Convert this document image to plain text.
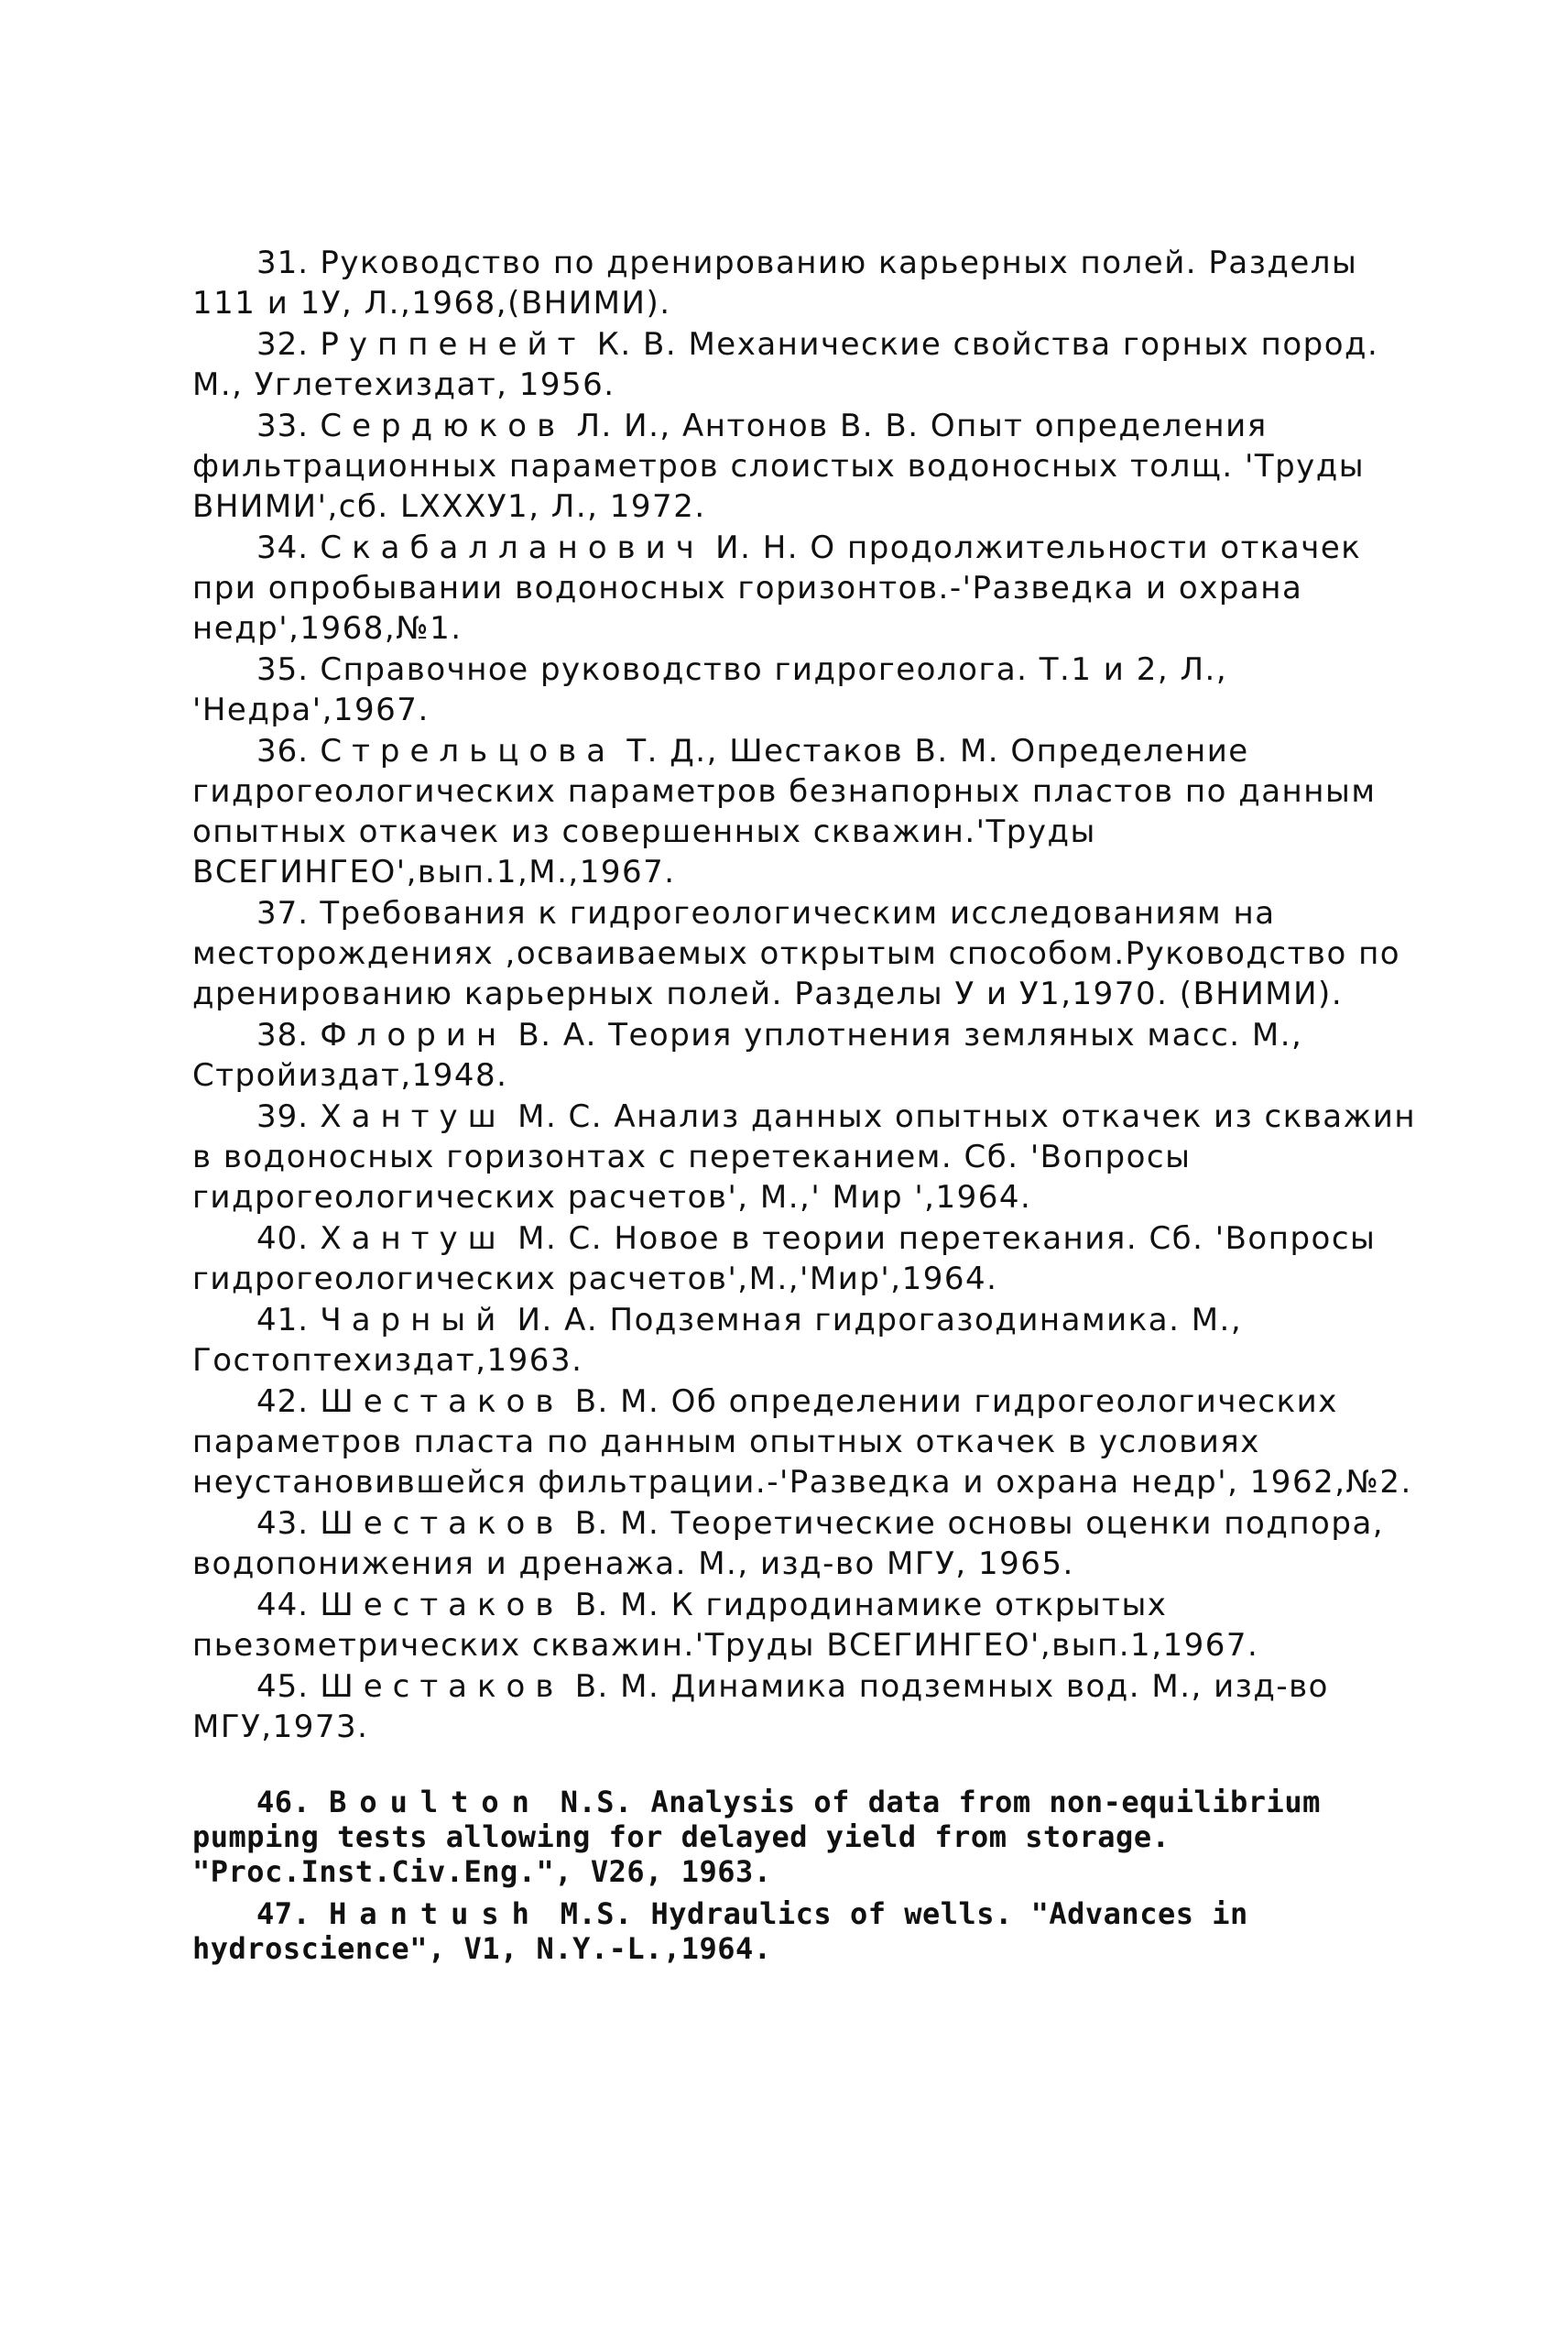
31. Руководство по дренированию карьерных полей. Разделы 111 и 1У, Л.,1968,(ВНИМИ).

32. Руппенейт К. В. Механические свойства горных пород. М., Углетехиздат, 1956.

33. Сердюков Л. И., Антонов В. В. Опыт определения фильтрационных параметров слоистых водоносных толщ. 'Труды ВНИМИ',сб. LXXXУ1, Л., 1972.

34. Скабалланович И. Н. О продолжительности откачек при опробывании водоносных горизонтов.-'Разведка и охрана недр',1968,№1.

35. Справочное руководство гидрогеолога. Т.1 и 2, Л., 'Недра',1967.

36. Стрельцова Т. Д., Шестаков В. М. Определение гидрогеологических параметров безнапорных пластов по данным опытных откачек из совершенных скважин.'Труды ВСЕГИНГЕО',вып.1,М.,1967.

37. Требования к гидрогеологическим исследованиям на месторождениях ,осваиваемых открытым способом.Руководство по дренированию карьерных полей. Разделы У и У1,1970. (ВНИМИ).

38. Флорин В. А. Теория уплотнения земляных масс. М., Стройиздат,1948.

39. Хантуш М. С. Анализ данных опытных откачек из скважин в водоносных горизонтах с перетеканием. Сб. 'Вопросы гидрогеологических расчетов', М.,' Мир ',1964.

40. Хантуш М. С. Новое в теории перетекания. Сб. 'Вопросы гидрогеологических расчетов',М.,'Мир',1964.

41. Чарный И. А. Подземная гидрогазодинамика. М., Гостоптехиздат,1963.

42. Шестаков В. М. Об определении гидрогеологических параметров пласта по данным опытных откачек в условиях неустановившейся фильтрации.-'Разведка и охрана недр', 1962,№2.

43. Шестаков В. М. Теоретические основы оценки подпора, водопонижения и дренажа. М., изд-во МГУ, 1965.

44. Шестаков В. М. К гидродинамике открытых пьезометрических скважин.'Труды ВСЕГИНГЕО',вып.1,1967.

45. Шестаков В. М. Динамика подземных вод. М., изд-во МГУ,1973.

46. Boulton N.S. Analysis of data from non-equilibrium pumping tests allowing for delayed yield from storage. "Proc.Inst.Civ.Eng.", V26, 1963.

47. Hantush M.S. Hydraulics of wells. "Advances in hydroscience", V1, N.Y.-L.,1964.
